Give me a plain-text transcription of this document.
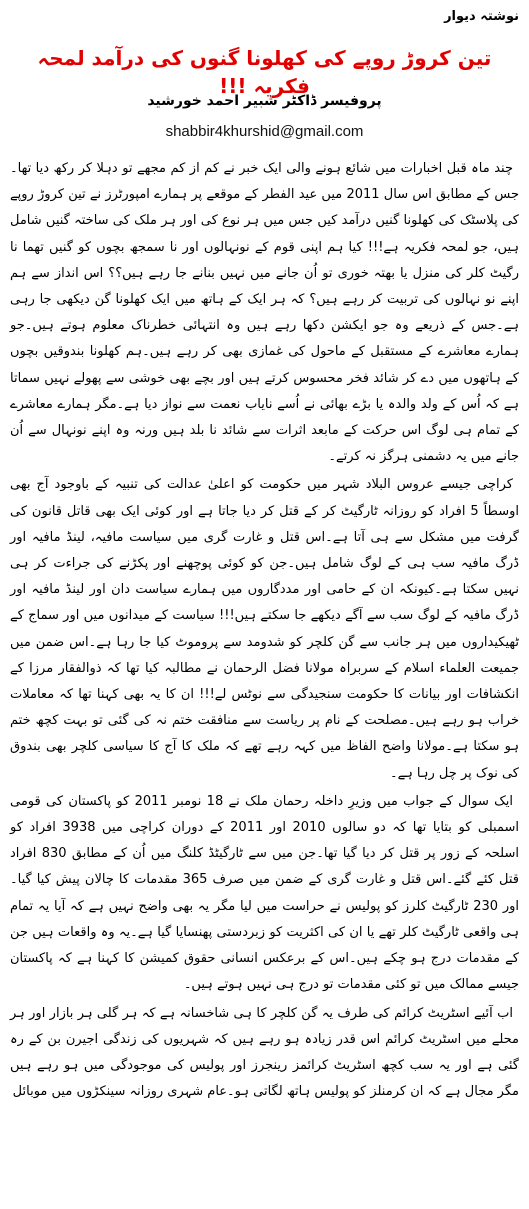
نوشتہ دیوار
تین کروڑ روپے کی کھلونا گنوں کی درآمد لمحہ فکریہ !!!
پروفیسر ڈاکٹر شبیر احمد خورشید
shabbir4khurshid@gmail.com

چند ماہ قبل اخبارات میں شائع ہونے والی ایک خبر نے کم از کم مجھے تو دہلا کر رکھ دیا تھا۔جس کے مطابق اس سال 2011 میں عید الفطر کے موقعے پر ہمارے امپورٹرز نے تین کروڑ روپے کی پلاسٹک کی کھلونا گنیں درآمد کیں جس میں ہر نوع کی اور ہر ملک کی ساختہ گنیں شامل ہیں، جو لمحہ فکریہ ہے!!! کیا ہم اپنی قوم کے نونہالوں اور نا سمجھ بچوں کو گنیں تھما نا رگیٹ کلر کی منزل یا بھتہ خوری تو اُن جانے میں نہیں بنانے جا رہے ہیں؟؟ اس انداز سے ہم اپنے نو نہالوں کی تربیت کر رہے ہیں؟ کہ ہر ایک کے ہاتھ میں ایک کھلونا گن دیکھی جا رہی ہے۔جس کے ذریعے وہ جو ایکشن دکھا رہے ہیں وہ انتہائی خطرناک معلوم ہوتے ہیں۔جو ہمارے معاشرے کے مستقبل کے ماحول کی غمازی بھی کر رہے ہیں۔ہم کھلونا بندوقیں بچوں کے ہاتھوں میں دے کر شائد فخر محسوس کرتے ہیں اور بچے بھی خوشی سے پھولے نہیں سماتا ہے کہ اُس کے ولد والدہ یا بڑے بھائی نے اُسے نایاب نعمت سے نواز دیا ہے۔مگر ہمارے معاشرے کے تمام ہی لوگ اس حرکت کے مابعد اثرات سے شائد نا بلد ہیں ورنہ وہ اپنے نونہال سے اُن جانے میں یہ دشمنی ہرگز نہ کرتے۔

کراچی جیسے عروس البلاد شہر میں حکومت کو اعلیٰ عدالت کی تنبیہ کے باوجود آج بھی اوسطاً 5 افراد کو روزانہ ٹارگیٹ کر کے قتل کر دیا جاتا ہے اور کوئی ایک بھی قاتل قانون کی گرفت میں مشکل سے ہی آتا ہے۔اس قتل و غارت گری میں سیاست مافیہ، لینڈ مافیہ اور ڈرگ مافیہ سب ہی کے لوگ شامل ہیں۔جن کو کوئی پوچھنے اور پکڑنے کی جراءت کر ہی نہیں سکتا ہے۔کیونکہ ان کے حامی اور مددگاروں میں ہمارے سیاست دان اور لینڈ مافیہ اور ڈرگ مافیہ کے لوگ سب سے آگے دیکھے جا سکتے ہیں!!! سیاست کے میدانوں میں اور سماج کے ٹھیکیداروں میں ہر جانب سے گن کلچر کو شدومد سے پروموٹ کیا جا رہا ہے۔اس ضمن میں جمیعت العلماء اسلام کے سربراہ مولانا فضل الرحمان نے مطالبہ کیا تھا کہ ذوالفقار مرزا کے انکشافات اور بیانات کا حکومت سنجیدگی سے نوٹس لے!!! ان کا یہ بھی کہنا تھا کہ معاملات خراب ہو رہے ہیں۔مصلحت کے نام پر ریاست سے منافقت ختم نہ کی گئی تو بہت کچھ ختم ہو سکتا ہے۔مولانا واضح الفاظ میں کہہ رہے تھے کہ ملک کا آج کا سیاسی کلچر بھی بندوق کی نوک پر چل رہا ہے۔

ایک سوال کے جواب میں وزیرِ داخلہ رحمان ملک نے 18 نومبر 2011 کو پاکستان کی قومی اسمبلی کو بتایا تھا کہ دو سالوں 2010 اور 2011 کے دوران کراچی میں 3938 افراد کو اسلحہ کے زور پر قتل کر دیا گیا تھا۔جن میں سے ٹارگیٹڈ کلنگ میں اُن کے مطابق 830 افراد قتل کئے گئے۔اس قتل و غارت گری کے ضمن میں صرف 365 مقدمات کا چالان پیش کیا گیا۔اور 230 ٹارگیٹ کلرز کو پولیس نے حراست میں لیا مگر یہ بھی واضح نہیں ہے کہ آیا یہ تمام ہی واقعی ٹارگیٹ کلر تھے یا ان کی اکثریت کو زبردستی پھنسایا گیا ہے۔یہ وہ واقعات ہیں جن کے مقدمات درج ہو چکے ہیں۔اس کے برعکس انسانی حقوق کمیشن کا کہنا ہے کہ پاکستان جیسے ممالک میں تو کئی مقدمات تو درج ہی نہیں ہوتے ہیں۔

اب آئیے اسٹریٹ کرائم کی طرف یہ گن کلچر کا ہی شاخسانہ ہے کہ ہر گلی ہر بازار اور ہر محلے میں اسٹریٹ کرائم اس قدر زیادہ ہو رہے ہیں کہ شہریوں کی زندگی اجیرن بن کے رہ گئی ہے اور یہ سب کچھ اسٹریٹ کرائمز رینجرز اور پولیس کی موجودگی میں ہو رہے ہیں مگر مجال ہے کہ ان کرمنلز کو پولیس ہاتھ لگاتی ہو۔عام شہری روزانہ سینکڑوں میں موبائل
